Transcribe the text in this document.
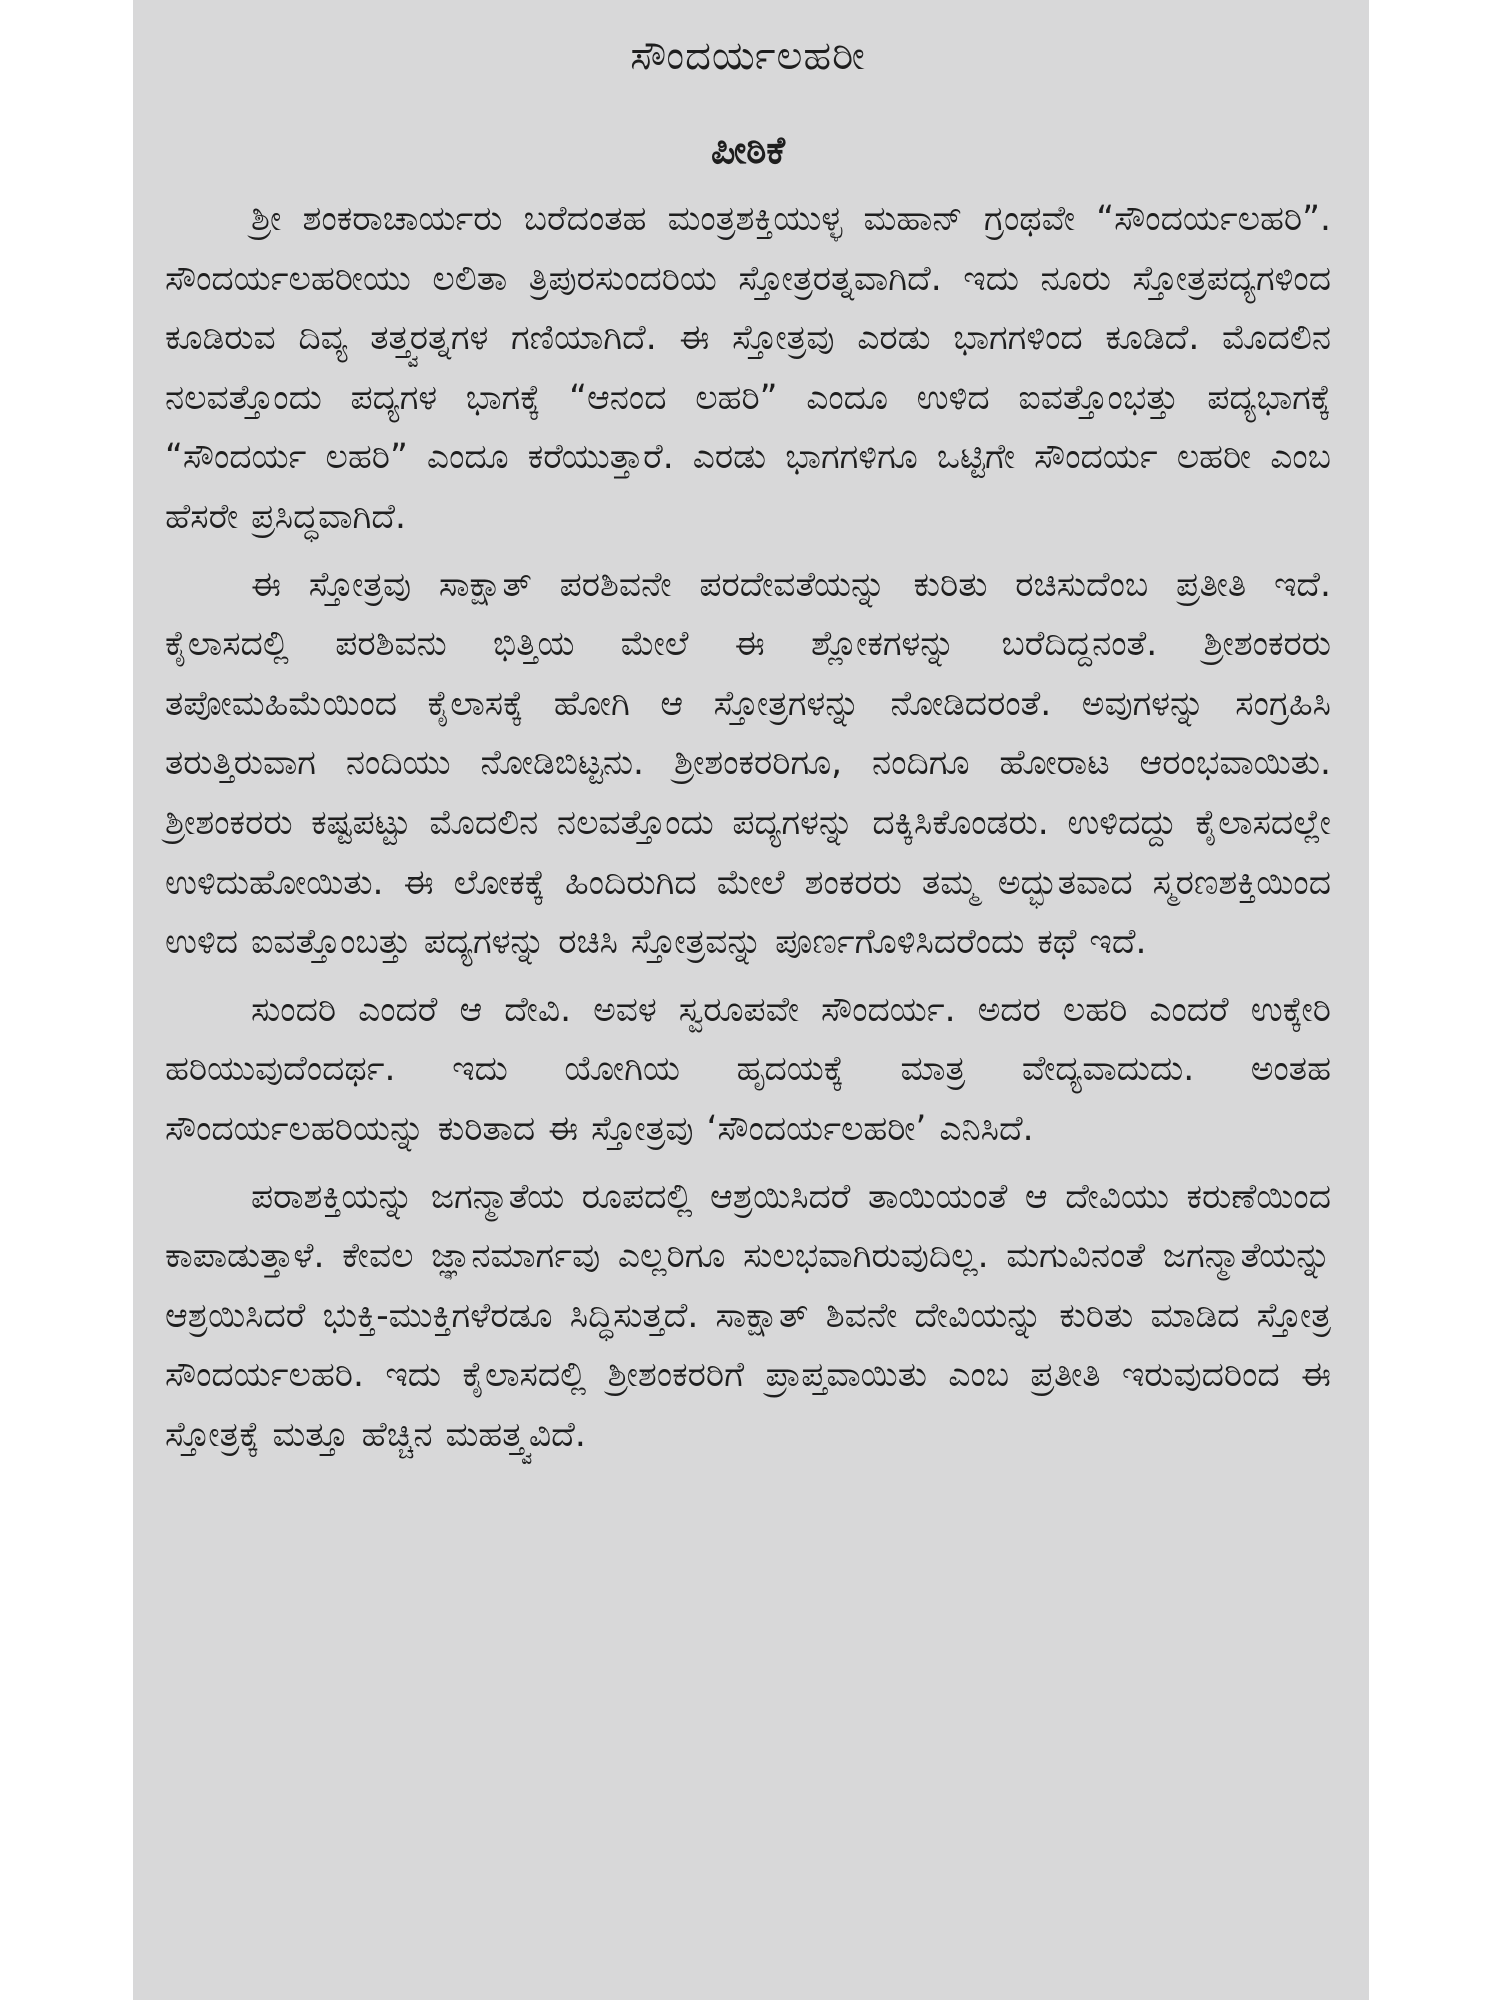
ಸೌಂದರ್ಯಲಹರೀ
ಪೀಠಿಕೆ

ಶ್ರೀ ಶಂಕರಾಚಾರ್ಯರು ಬರೆದಂತಹ ಮಂತ್ರಶಕ್ತಿಯುಳ್ಳ ಮಹಾನ್ ಗ್ರಂಥವೇ “ಸೌಂದರ್ಯಲಹರಿ”. ಸೌಂದರ್ಯಲಹರೀಯು ಲಲಿತಾ ತ್ರಿಪುರಸುಂದರಿಯ ಸ್ತೋತ್ರರತ್ನವಾಗಿದೆ. ಇದು ನೂರು ಸ್ತೋತ್ರಪದ್ಯಗಳಿಂದ ಕೂಡಿರುವ ದಿವ್ಯ ತತ್ತ್ವರತ್ನಗಳ ಗಣಿಯಾಗಿದೆ. ಈ ಸ್ತೋತ್ರವು ಎರಡು ಭಾಗಗಳಿಂದ ಕೂಡಿದೆ. ಮೊದಲಿನ ನಲವತ್ತೊಂದು ಪದ್ಯಗಳ ಭಾಗಕ್ಕೆ “ಆನಂದ ಲಹರಿ” ಎಂದೂ ಉಳಿದ ಐವತ್ತೊಂಭತ್ತು ಪದ್ಯಭಾಗಕ್ಕೆ “ಸೌಂದರ್ಯ ಲಹರಿ” ಎಂದೂ ಕರೆಯುತ್ತಾರೆ. ಎರಡು ಭಾಗಗಳಿಗೂ ಒಟ್ಟಿಗೇ ಸೌಂದರ್ಯ ಲಹರೀ ಎಂಬ ಹೆಸರೇ ಪ್ರಸಿದ್ಧವಾಗಿದೆ.

ಈ ಸ್ತೋತ್ರವು ಸಾಕ್ಷಾತ್ ಪರಶಿವನೇ ಪರದೇವತೆಯನ್ನು ಕುರಿತು ರಚಿಸುದೆಂಬ ಪ್ರತೀತಿ ಇದೆ. ಕೈಲಾಸದಲ್ಲಿ ಪರಶಿವನು ಭಿತ್ತಿಯ ಮೇಲೆ ಈ ಶ್ಲೋಕಗಳನ್ನು ಬರೆದಿದ್ದನಂತೆ. ಶ್ರೀಶಂಕರರು ತಪೋಮಹಿಮೆಯಿಂದ ಕೈಲಾಸಕ್ಕೆ ಹೋಗಿ ಆ ಸ್ತೋತ್ರಗಳನ್ನು ನೋಡಿದರಂತೆ. ಅವುಗಳನ್ನು ಸಂಗ್ರಹಿಸಿ ತರುತ್ತಿರುವಾಗ ನಂದಿಯು ನೋಡಿಬಿಟ್ಟನು. ಶ್ರೀಶಂಕರರಿಗೂ, ನಂದಿಗೂ ಹೋರಾಟ ಆರಂಭವಾಯಿತು. ಶ್ರೀಶಂಕರರು ಕಷ್ಟಪಟ್ಟು ಮೊದಲಿನ ನಲವತ್ತೊಂದು ಪದ್ಯಗಳನ್ನು ದಕ್ಕಿಸಿಕೊಂಡರು. ಉಳಿದದ್ದು ಕೈಲಾಸದಲ್ಲೇ ಉಳಿದುಹೋಯಿತು. ಈ ಲೋಕಕ್ಕೆ ಹಿಂದಿರುಗಿದ ಮೇಲೆ ಶಂಕರರು ತಮ್ಮ ಅದ್ಭುತವಾದ ಸ್ಮರಣಶಕ್ತಿಯಿಂದ ಉಳಿದ ಐವತ್ತೊಂಬತ್ತು ಪದ್ಯಗಳನ್ನು ರಚಿಸಿ ಸ್ತೋತ್ರವನ್ನು ಪೂರ್ಣಗೊಳಿಸಿದರೆಂದು ಕಥೆ ಇದೆ.

ಸುಂದರಿ ಎಂದರೆ ಆ ದೇವಿ. ಅವಳ ಸ್ವರೂಪವೇ ಸೌಂದರ್ಯ. ಅದರ ಲಹರಿ ಎಂದರೆ ಉಕ್ಕೇರಿ ಹರಿಯುವುದೆಂದರ್ಥ. ಇದು ಯೋಗಿಯ ಹೃದಯಕ್ಕೆ ಮಾತ್ರ ವೇದ್ಯವಾದುದು. ಅಂತಹ ಸೌಂದರ್ಯಲಹರಿಯನ್ನು ಕುರಿತಾದ ಈ ಸ್ತೋತ್ರವು ‘ಸೌಂದರ್ಯಲಹರೀ’ ಎನಿಸಿದೆ.

ಪರಾಶಕ್ತಿಯನ್ನು ಜಗನ್ಮಾತೆಯ ರೂಪದಲ್ಲಿ ಆಶ್ರಯಿಸಿದರೆ ತಾಯಿಯಂತೆ ಆ ದೇವಿಯು ಕರುಣೆಯಿಂದ ಕಾಪಾಡುತ್ತಾಳೆ. ಕೇವಲ ಜ್ಞಾನಮಾರ್ಗವು ಎಲ್ಲರಿಗೂ ಸುಲಭವಾಗಿರುವುದಿಲ್ಲ. ಮಗುವಿನಂತೆ ಜಗನ್ಮಾತೆಯನ್ನು ಆಶ್ರಯಿಸಿದರೆ ಭುಕ್ತಿ-ಮುಕ್ತಿಗಳೆರಡೂ ಸಿದ್ಧಿಸುತ್ತದೆ. ಸಾಕ್ಷಾತ್ ಶಿವನೇ ದೇವಿಯನ್ನು ಕುರಿತು ಮಾಡಿದ ಸ್ತೋತ್ರ ಸೌಂದರ್ಯಲಹರಿ. ಇದು ಕೈಲಾಸದಲ್ಲಿ ಶ್ರೀಶಂಕರರಿಗೆ ಪ್ರಾಪ್ತವಾಯಿತು ಎಂಬ ಪ್ರತೀತಿ ಇರುವುದರಿಂದ ಈ ಸ್ತೋತ್ರಕ್ಕೆ ಮತ್ತೂ ಹೆಚ್ಚಿನ ಮಹತ್ತ್ವವಿದೆ.
